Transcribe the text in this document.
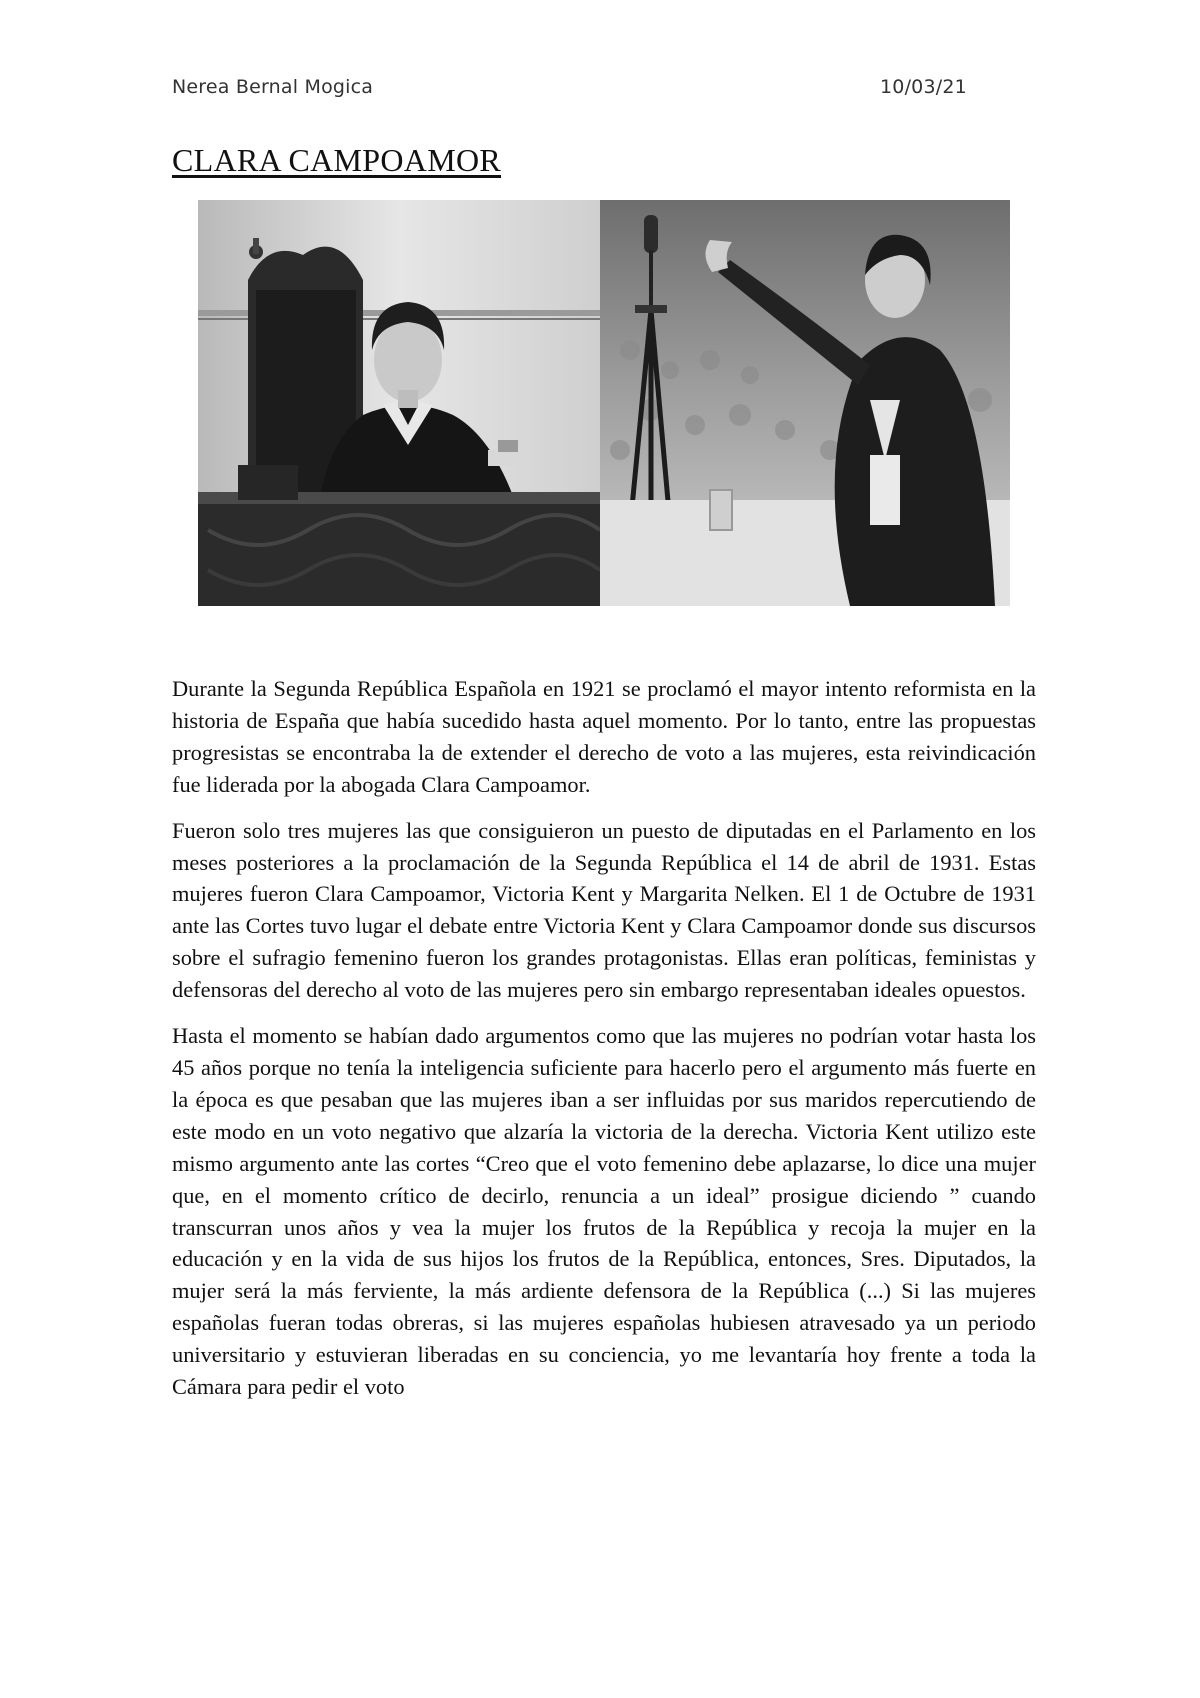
Nerea Bernal Mogica	10/03/21
CLARA CAMPOAMOR

Durante la Segunda República Española en 1921 se proclamó el mayor intento reformista en la historia de España que había sucedido hasta aquel momento. Por lo tanto, entre las propuestas progresistas se encontraba la de extender el derecho de voto a las mujeres, esta reivindicación fue liderada por la abogada Clara Campoamor.

Fueron solo tres mujeres las que consiguieron un puesto de diputadas en el Parlamento en los meses posteriores a la proclamación de la Segunda República el 14 de abril de 1931. Estas mujeres fueron Clara Campoamor, Victoria Kent y Margarita Nelken. El 1 de Octubre de 1931 ante las Cortes tuvo lugar el debate entre Victoria Kent y Clara Campoamor donde sus discursos sobre el sufragio femenino fueron los grandes protagonistas. Ellas eran políticas, feministas y defensoras del derecho al voto de las mujeres pero sin embargo representaban ideales opuestos.

Hasta el momento se habían dado argumentos como que las mujeres no podrían votar hasta los 45 años porque no tenía la inteligencia suficiente para hacerlo pero el argumento más fuerte en la época es que pesaban que las mujeres iban a ser influidas por sus maridos repercutiendo de este modo en un voto negativo que alzaría la victoria de la derecha. Victoria Kent utilizo este mismo argumento ante las cortes “Creo que el voto femenino debe aplazarse, lo dice una mujer que, en el momento crítico de decirlo, renuncia a un ideal” prosigue diciendo ” cuando transcurran unos años y vea la mujer los frutos de la República y recoja la mujer en la educación y en la vida de sus hijos los frutos de la República, entonces, Sres. Diputados, la mujer será la más ferviente, la más ardiente defensora de la República (...) Si las mujeres españolas fueran todas obreras, si las mujeres españolas hubiesen atravesado ya un periodo universitario y estuvieran liberadas en su conciencia, yo me levantaría hoy frente a toda la Cámara para pedir el voto
